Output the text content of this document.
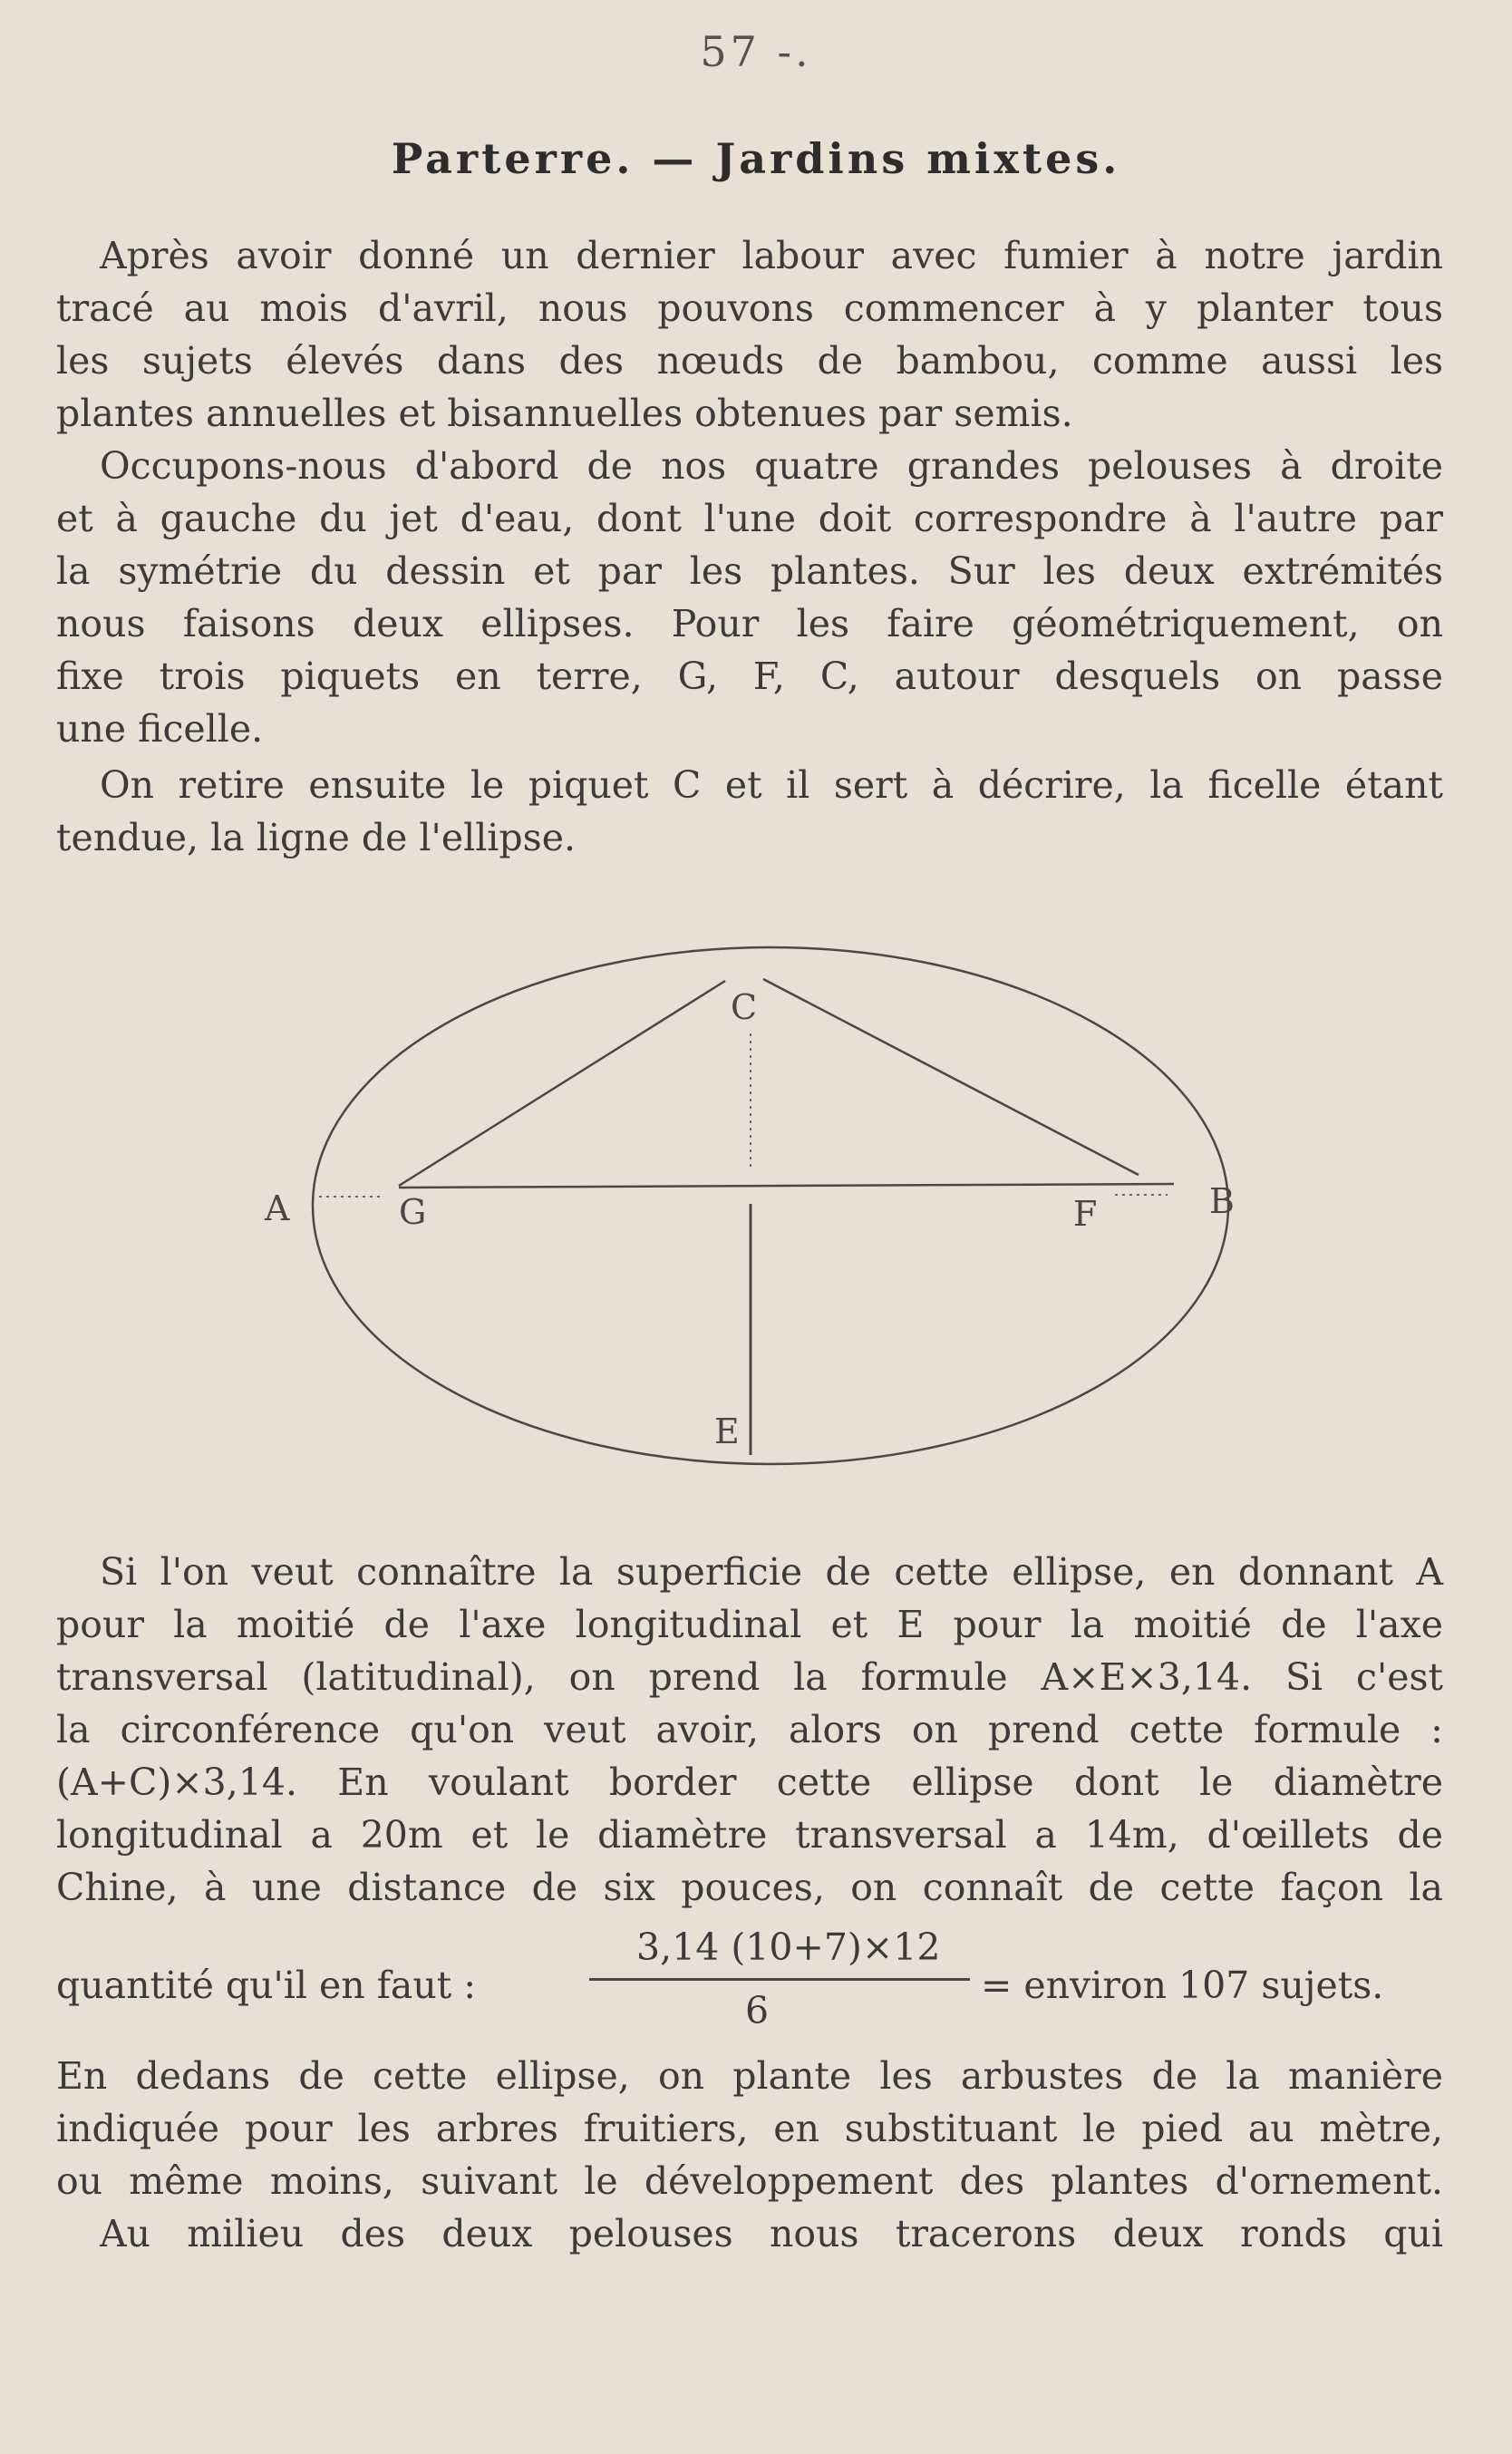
57 -.
Parterre. — Jardins mixtes.
Après avoir donné un dernier labour avec fumier à notre jardin
tracé au mois d'avril, nous pouvons commencer à y planter tous
les sujets élevés dans des nœuds de bambou, comme aussi les
plantes annuelles et bisannuelles obtenues par semis.
Occupons-nous d'abord de nos quatre grandes pelouses à droite
et à gauche du jet d'eau, dont l'une doit correspondre à l'autre par
la symétrie du dessin et par les plantes. Sur les deux extrémités
nous faisons deux ellipses. Pour les faire géométriquement, on
fixe trois piquets en terre, G, F, C, autour desquels on passe
une ficelle.
On retire ensuite le piquet C et il sert à décrire, la ficelle étant
tendue, la ligne de l'ellipse.
C
A	G	F	B
E
Si l'on veut connaître la superficie de cette ellipse, en donnant A
pour la moitié de l'axe longitudinal et E pour la moitié de l'axe
transversal (latitudinal), on prend la formule A×E×3,14. Si c'est
la circonférence qu'on veut avoir, alors on prend cette formule :
(A+C)×3,14. En voulant border cette ellipse dont le diamètre
longitudinal a 20m et le diamètre transversal a 14m, d'œillets de
Chine, à une distance de six pouces, on connaît de cette façon la
quantité qu'il en faut :
3,14 (10+7)×12
6
= environ 107 sujets.
En dedans de cette ellipse, on plante les arbustes de la manière
indiquée pour les arbres fruitiers, en substituant le pied au mètre,
ou même moins, suivant le développement des plantes d'ornement.
Au milieu des deux pelouses nous tracerons deux ronds qui
